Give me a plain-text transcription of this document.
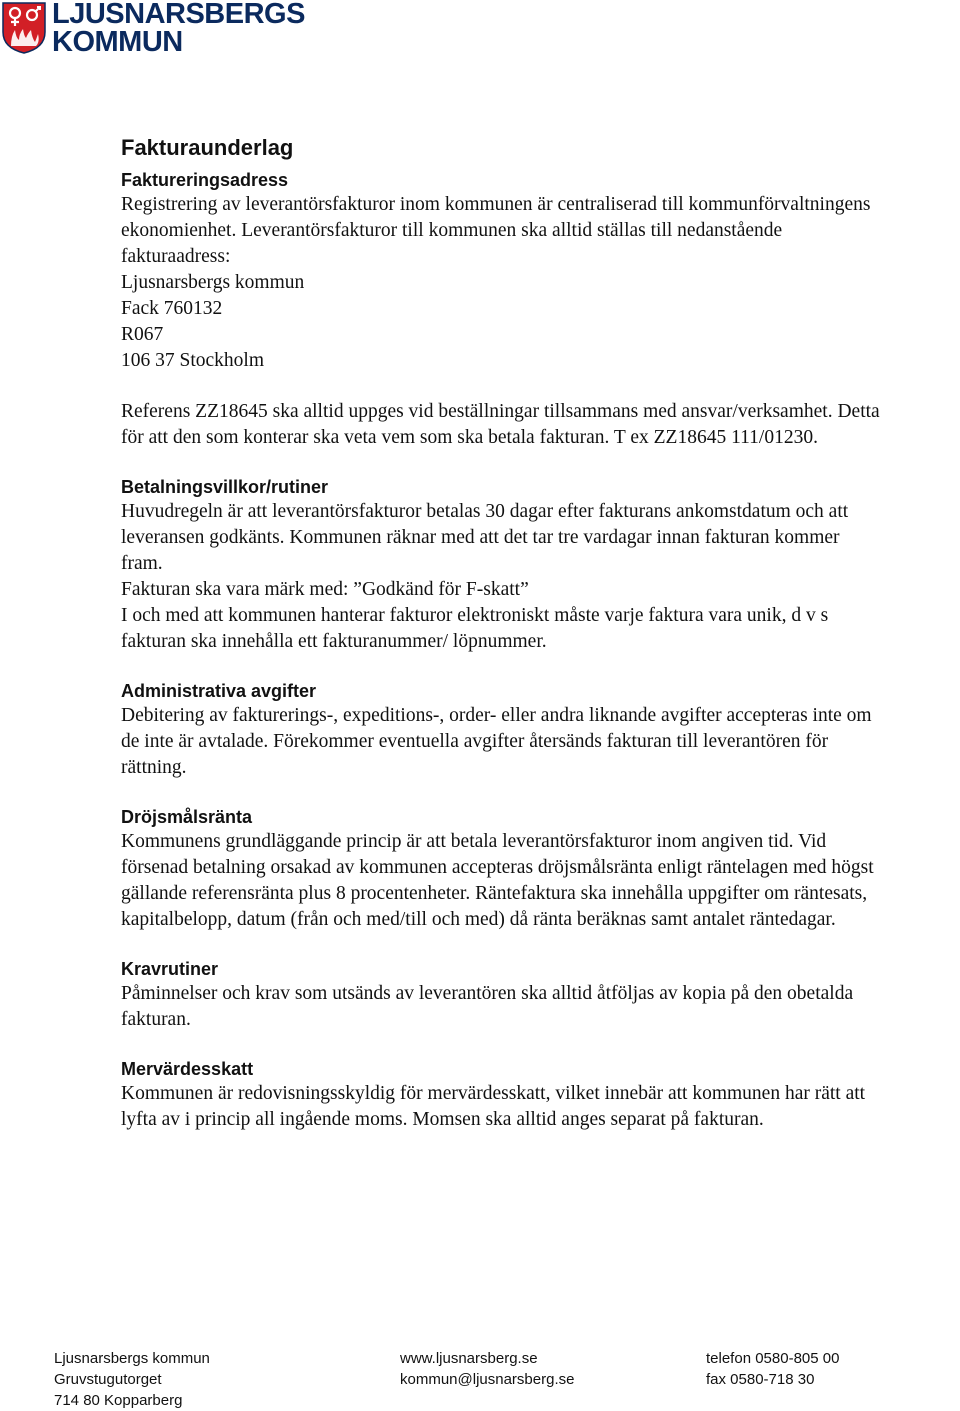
LJUSNARSBERGS
KOMMUN
Fakturaunderlag
Faktureringsadress

Registrering av leverantörsfakturor inom kommunen är centraliserad till kommunförvaltningens ekonomienhet. Leverantörsfakturor till kommunen ska alltid ställas till nedanstående fakturaadress:

Ljusnarsbergs kommun

Fack 760132

R067

106 37 Stockholm

Referens ZZ18645 ska alltid uppges vid beställningar tillsammans med ansvar/verksamhet. Detta för att den som konterar ska veta vem som ska betala fakturan. T ex ZZ18645 111/01230.

Betalningsvillkor/rutiner

Huvudregeln är att leverantörsfakturor betalas 30 dagar efter fakturans ankomstdatum och att leveransen godkänts. Kommunen räknar med att det tar tre vardagar innan fakturan kommer fram.

Fakturan ska vara märk med: ”Godkänd för F-skatt”

I och med att kommunen hanterar fakturor elektroniskt måste varje faktura vara unik, d v s fakturan ska innehålla ett fakturanummer/ löpnummer.

Administrativa avgifter

Debitering av fakturerings-, expeditions-, order- eller andra liknande avgifter accepteras inte om de inte är avtalade. Förekommer eventuella avgifter återsänds fakturan till leverantören för rättning.

Dröjsmålsränta

Kommunens grundläggande princip är att betala leverantörsfakturor inom angiven tid. Vid försenad betalning orsakad av kommunen accepteras dröjsmålsränta enligt räntelagen med högst gällande referensränta plus 8 procentenheter. Räntefaktura ska innehålla uppgifter om räntesats, kapitalbelopp, datum (från och med/till och med) då ränta beräknas samt antalet räntedagar.

Kravrutiner

Påminnelser och krav som utsänds av leverantören ska alltid åtföljas av kopia på den obetalda fakturan.

Mervärdesskatt

Kommunen är redovisningsskyldig för mervärdesskatt, vilket innebär att kommunen har rätt att lyfta av i princip all ingående moms. Momsen ska alltid anges separat på fakturan.

Ljusnarsbergs kommun
Gruvstugutorget
714 80 Kopparberg
www.ljusnarsberg.se
kommun@ljusnarsberg.se
telefon 0580-805 00
fax 0580-718 30
